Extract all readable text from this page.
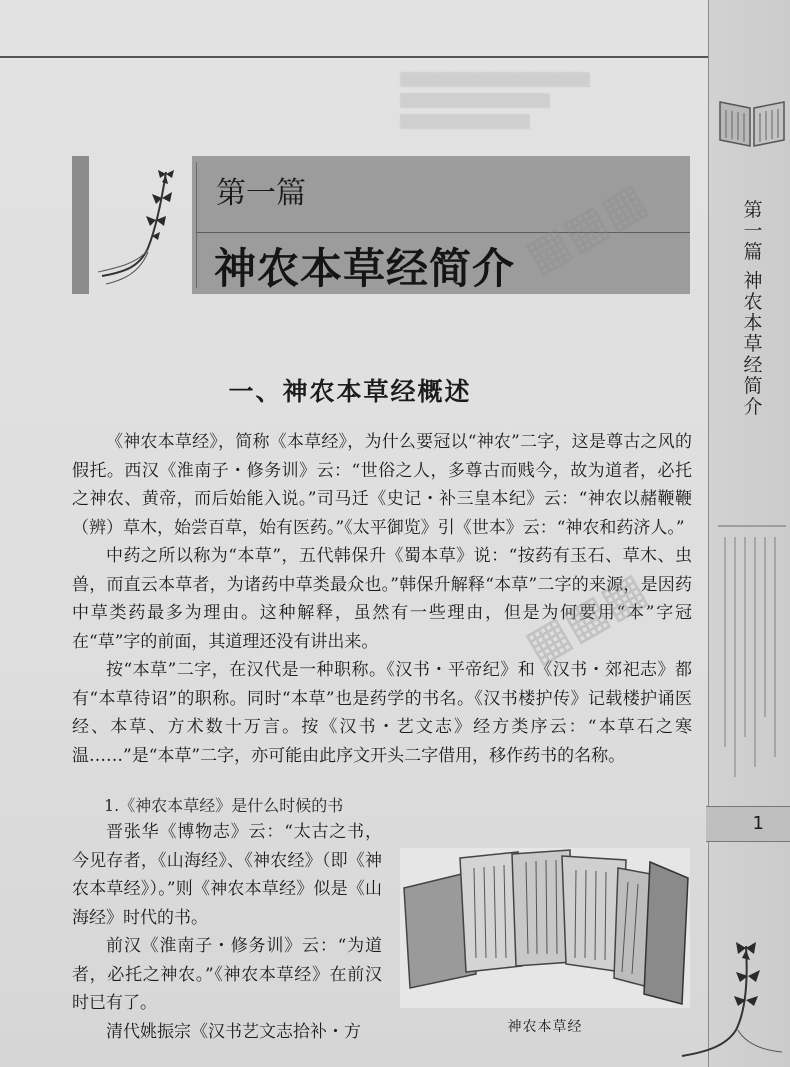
▒▒▒▒▒▒▒▒▒▒▒▒▒▒▒▒▒▒▒
▒▒▒▒▒▒▒▒▒▒▒▒▒▒▒
▒▒▒▒▒▒▒▒▒▒▒▒▒
第一篇
神农本草经简介
1
第一篇
神农本草经简介
一、神农本草经概述

《神农本草经》，简称《本草经》，为什么要冠以“神农”二字，这是尊古之风的假托。西汉《淮南子・修务训》云：“世俗之人，多尊古而贱今，故为道者，必托之神农、黄帝，而后始能入说。”司马迁《史记・补三皇本纪》云：“神农以赭鞭鞭（辨）草木，始尝百草，始有医药。”《太平御览》引《世本》云：“神农和药济人。”

中药之所以称为“本草”，五代韩保升《蜀本草》说：“按药有玉石、草木、虫兽，而直云本草者，为诸药中草类最众也。”韩保升解释“本草”二字的来源，是因药中草类药最多为理由。这种解释，虽然有一些理由，但是为何要用“本”字冠在“草”字的前面，其道理还没有讲出来。

按“本草”二字，在汉代是一种职称。《汉书・平帝纪》和《汉书・郊祀志》都有“本草待诏”的职称。同时“本草”也是药学的书名。《汉书楼护传》记载楼护诵医经、本草、方术数十万言。按《汉书・艺文志》经方类序云：“本草石之寒温……”是“本草”二字，亦可能由此序文开头二字借用，移作药书的名称。

1.《神农本草经》是什么时候的书

晋张华《博物志》云：“太古之书，今见存者，《山海经》、《神农经》（即《神农本草经》）。”则《神农本草经》似是《山海经》时代的书。

前汉《淮南子・修务训》云：“为道者，必托之神农。”《神农本草经》在前汉时已有了。

清代姚振宗《汉书艺文志拾补・方	神农本草经
▦▦▦
▦▦▦
